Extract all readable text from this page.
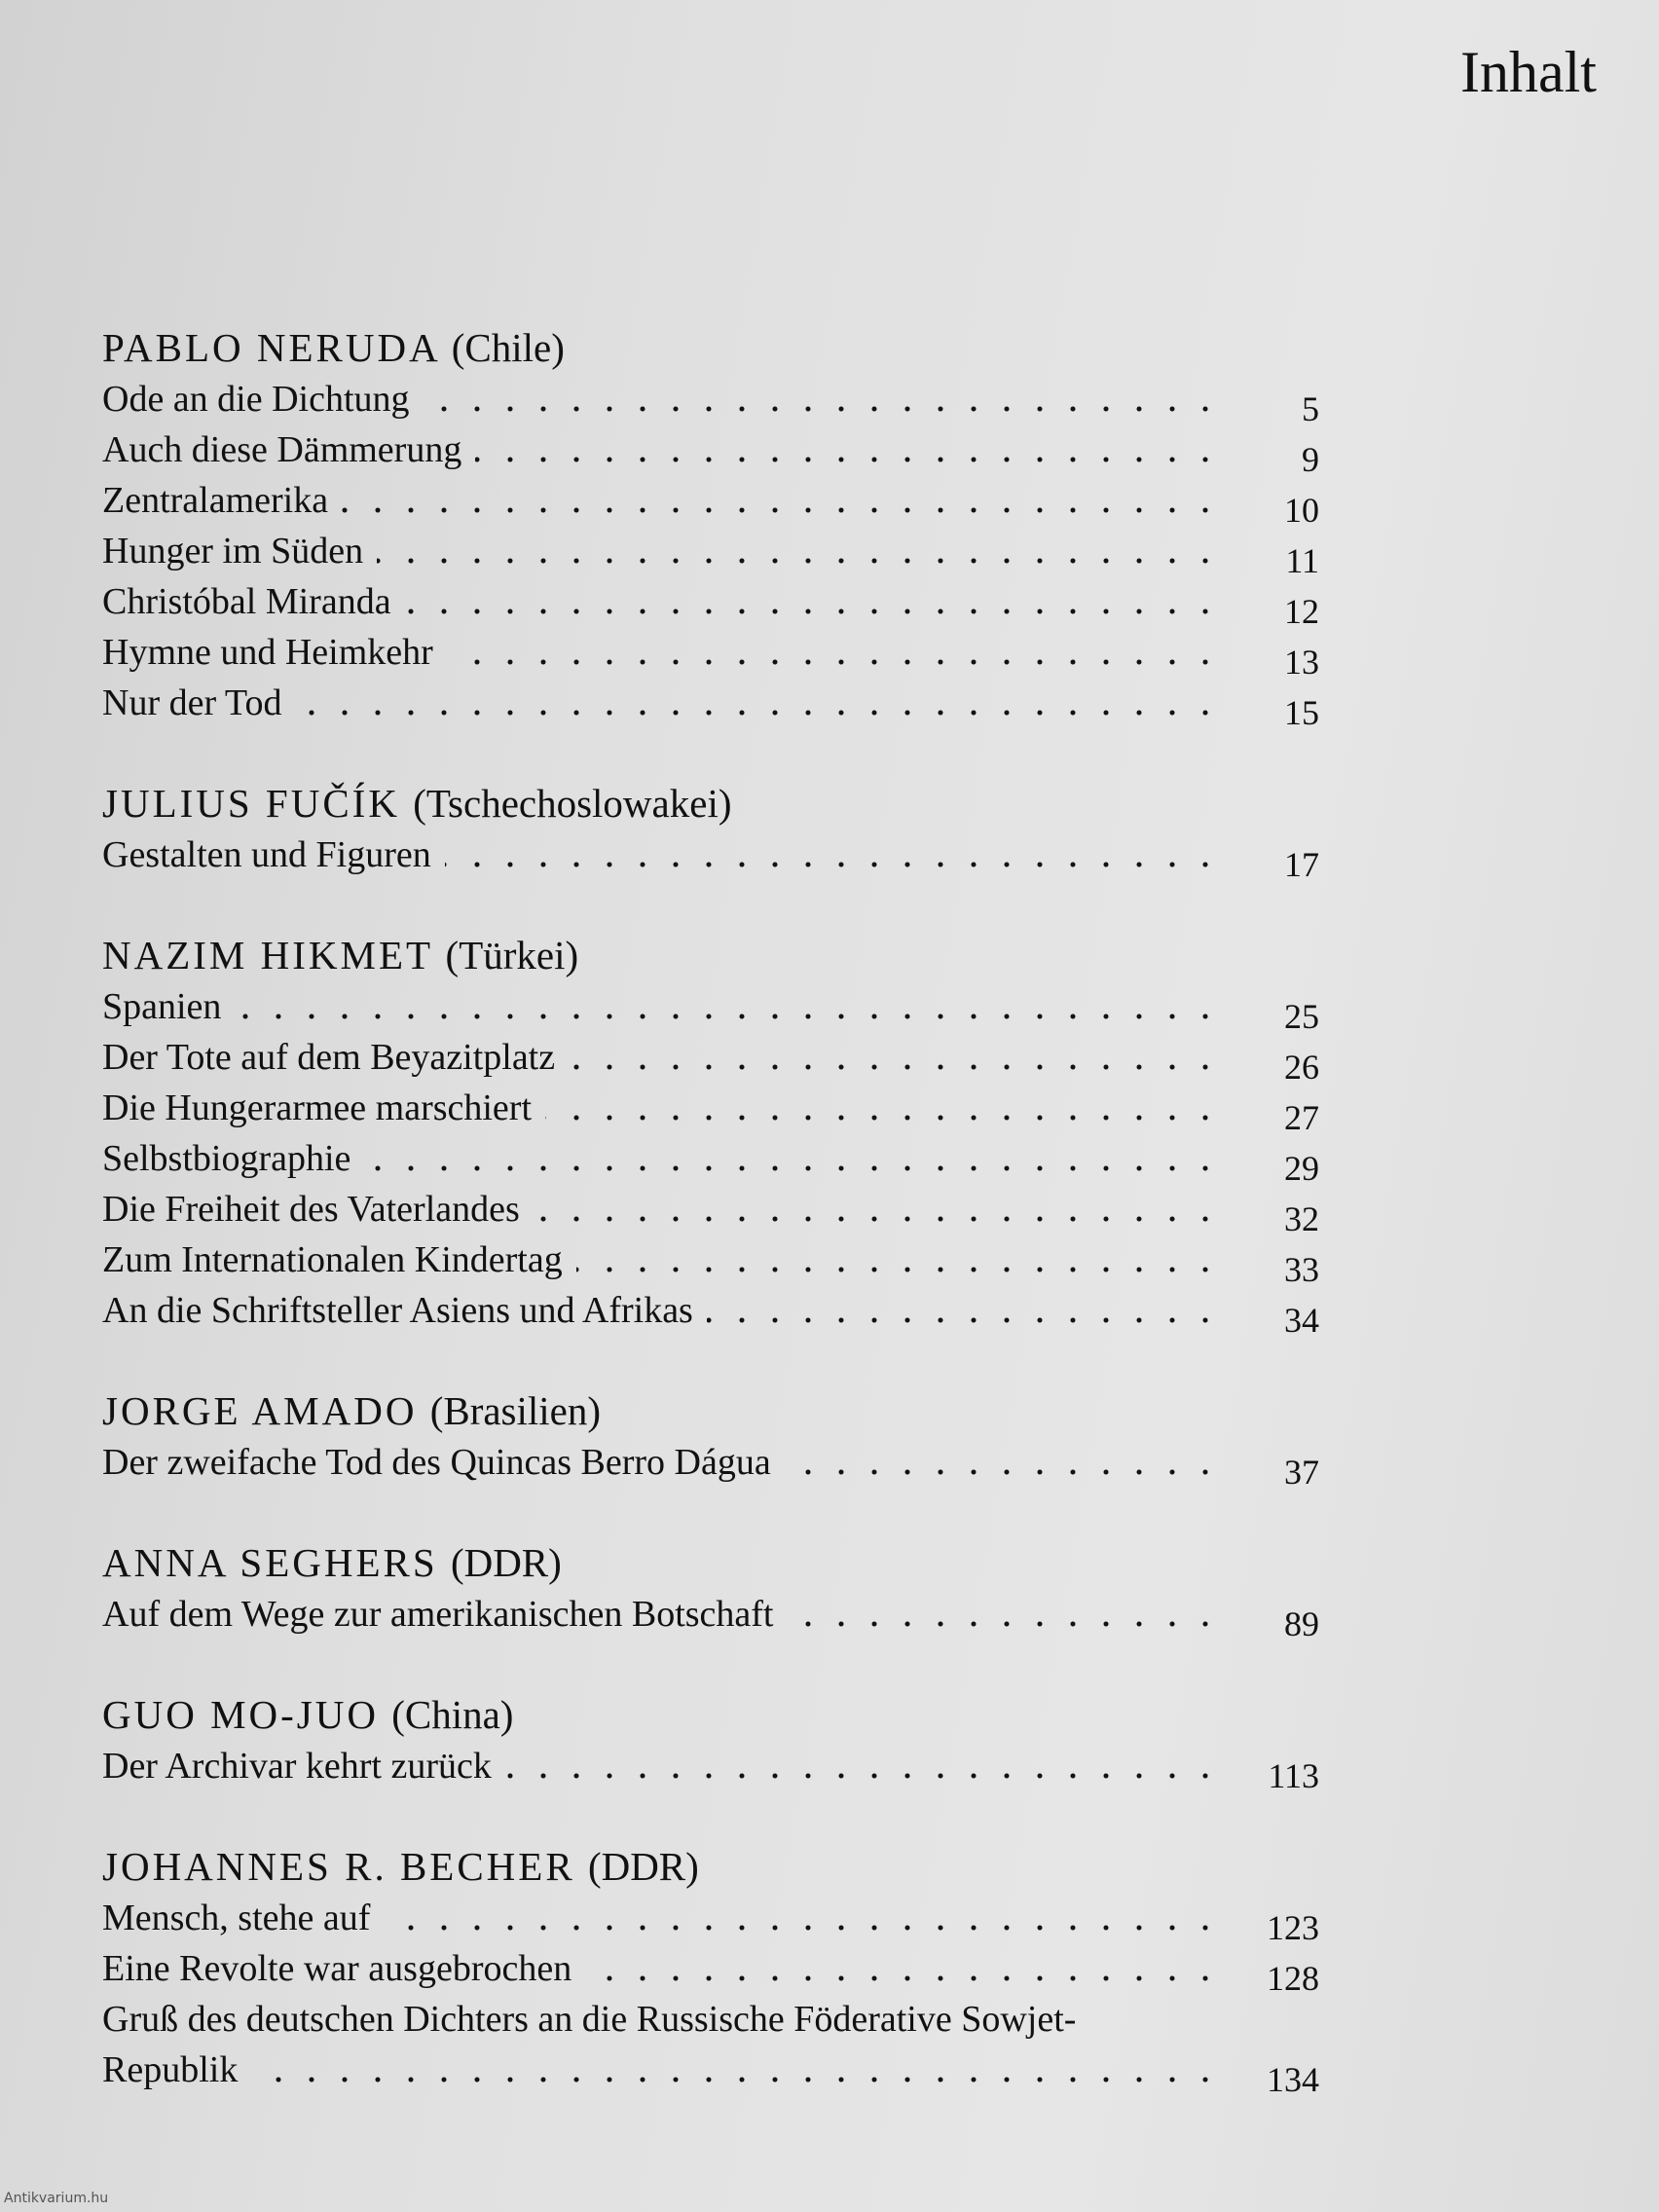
Inhalt
PABLO NERUDA (Chile)
Ode an die Dichtung	5
Auch diese Dämmerung	9
Zentralamerika	10
Hunger im Süden	11
Christóbal Miranda	12
Hymne und Heimkehr	13
Nur der Tod	15
JULIUS FUČÍK (Tschechoslowakei)
Gestalten und Figuren	17
NAZIM HIKMET (Türkei)
Spanien	25
Der Tote auf dem Beyazitplatz	26
Die Hungerarmee marschiert	27
Selbstbiographie	29
Die Freiheit des Vaterlandes	32
Zum Internationalen Kindertag	33
An die Schriftsteller Asiens und Afrikas	34
JORGE AMADO (Brasilien)
Der zweifache Tod des Quincas Berro Dágua	37
ANNA SEGHERS (DDR)
Auf dem Wege zur amerikanischen Botschaft	89
GUO MO-JUO (China)
Der Archivar kehrt zurück	113
JOHANNES R. BECHER (DDR)
Mensch, stehe auf	123
Eine Revolte war ausgebrochen	128
Gruß des deutschen Dichters an die Russische Föderative Sowjet-
Republik	134
Antikvarium.hu
